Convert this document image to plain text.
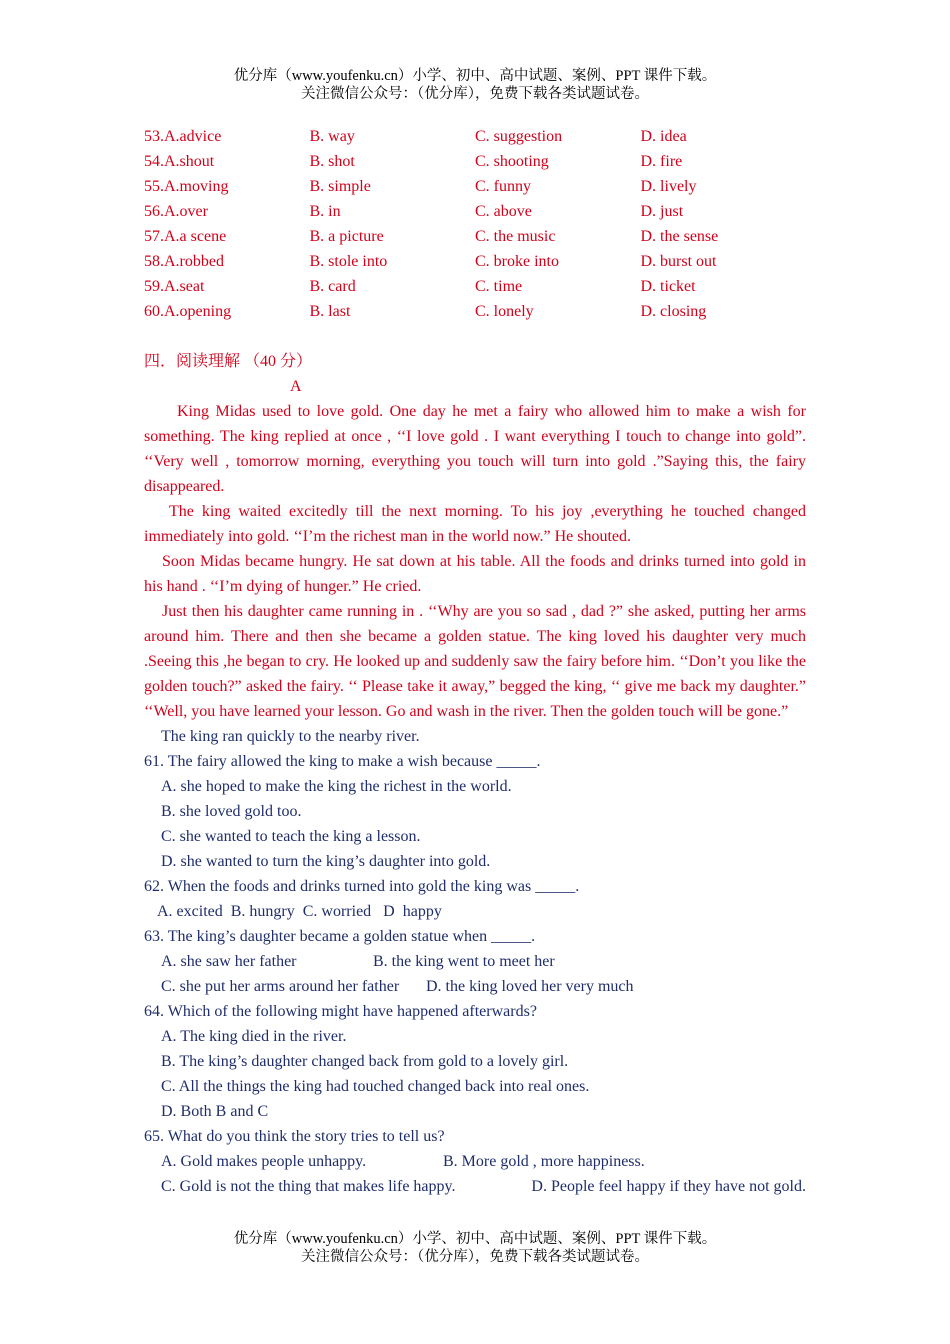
优分库（www.youfenku.cn）小学、初中、高中试题、案例、PPT 课件下载。
关注微信公众号：（优分库），免费下载各类试题试卷。
53.A.advice	B. way	C. suggestion	D. idea
54.A.shout	B. shot	C. shooting	D. fire
55.A.moving	B. simple	C. funny	D. lively
56.A.over	B. in	C. above	D. just
57.A.a scene	B. a picture	C. the music	D. the sense
58.A.robbed	B. stole into	C. broke into	D. burst out
59.A.seat	B. card	C. time	D. ticket
60.A.opening	B. last	C. lonely	D. closing
四．阅读理解 （40 分）
A
King Midas used to love gold. One day he met a fairy who allowed him to make a wish for something. The king replied at once , ‘‘I love gold . I want everything I touch to change into gold”. ‘‘Very well , tomorrow morning, everything you touch will turn into gold .”Saying this, the fairy disappeared.
The king waited excitedly till the next morning. To his joy ,everything he touched changed immediately into gold. ‘‘I’m the richest man in the world now.” He shouted.
Soon Midas became hungry. He sat down at his table. All the foods and drinks turned into gold in his hand . ‘‘I’m dying of hunger.” He cried.
Just then his daughter came running in . ‘‘Why are you so sad , dad ?” she asked, putting her arms around him. There and then she became a golden statue. The king loved his daughter very much .Seeing this ,he began to cry. He looked up and suddenly saw the fairy before him. ‘‘Don’t you like the golden touch?” asked the fairy. ‘‘ Please take it away,” begged the king, ‘‘ give me back my daughter.” ‘‘Well, you have learned your lesson. Go and wash in the river. Then the golden touch will be gone.”
The king ran quickly to the nearby river.
61. The fairy allowed the king to make a wish because _____.
A. she hoped to make the king the richest in the world.
B. she loved gold too.
C. she wanted to teach the king a lesson.
D. she wanted to turn the king’s daughter into gold.
62. When the foods and drinks turned into gold the king was _____.
A. excited  B. hungry  C. worried   D  happy
63. The king’s daughter became a golden statue when _____.
A. she saw her father	B. the king went to meet her
C. she put her arms around her father	D. the king loved her very much
64. Which of the following might have happened afterwards?
A. The king died in the river.
B. The king’s daughter changed back from gold to a lovely girl.
C. All the things the king had touched changed back into real ones.
D. Both B and C
65. What do you think the story tries to tell us?
A. Gold makes people unhappy.	B. More gold , more happiness.
C. Gold is not the thing that makes life happy.	D. People feel happy if they have not gold.
优分库（www.youfenku.cn）小学、初中、高中试题、案例、PPT 课件下载。
关注微信公众号：（优分库），免费下载各类试题试卷。
